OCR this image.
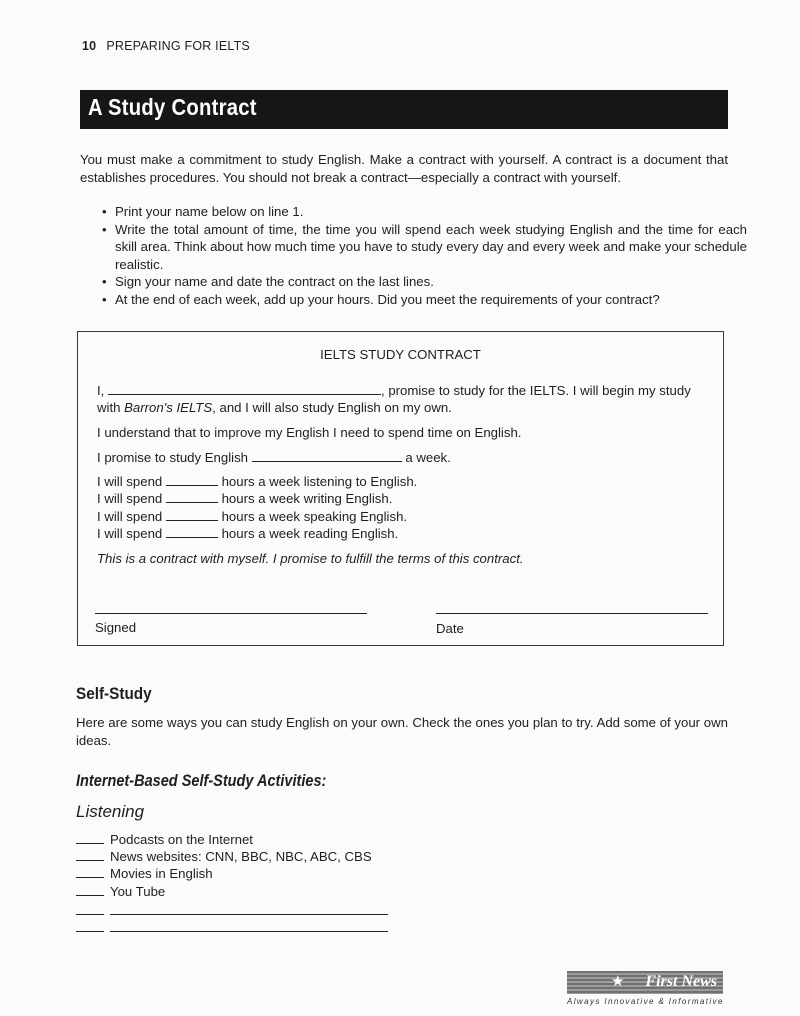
10 PREPARING FOR IELTS
A Study Contract
You must make a commitment to study English. Make a contract with yourself. A contract is a document that establishes procedures. You should not break a contract—especially a contract with yourself.
• Print your name below on line 1.
• Write the total amount of time, the time you will spend each week studying English and the time for each skill area. Think about how much time you have to study every day and every week and make your schedule realistic.
• Sign your name and date the contract on the last lines.
• At the end of each week, add up your hours. Did you meet the requirements of your contract?
IELTS STUDY CONTRACT
I,	, promise to study for the IELTS. I will begin my study
with Barron's IELTS, and I will also study English on my own.
I understand that to improve my English I need to spend time on English.
I promise to study English	a week.
I will spend	hours a week listening to English.
I will spend	hours a week writing English.
I will spend	hours a week speaking English.
I will spend	hours a week reading English.
This is a contract with myself. I promise to fulfill the terms of this contract.
Signed	Date
Self-Study
Here are some ways you can study English on your own. Check the ones you plan to try. Add some of your own ideas.
Internet-Based Self-Study Activities:
Listening
Podcasts on the Internet
News websites: CNN, BBC, NBC, ABC, CBS
Movies in English
You Tube
★	First News
Always Innovative & Informative
